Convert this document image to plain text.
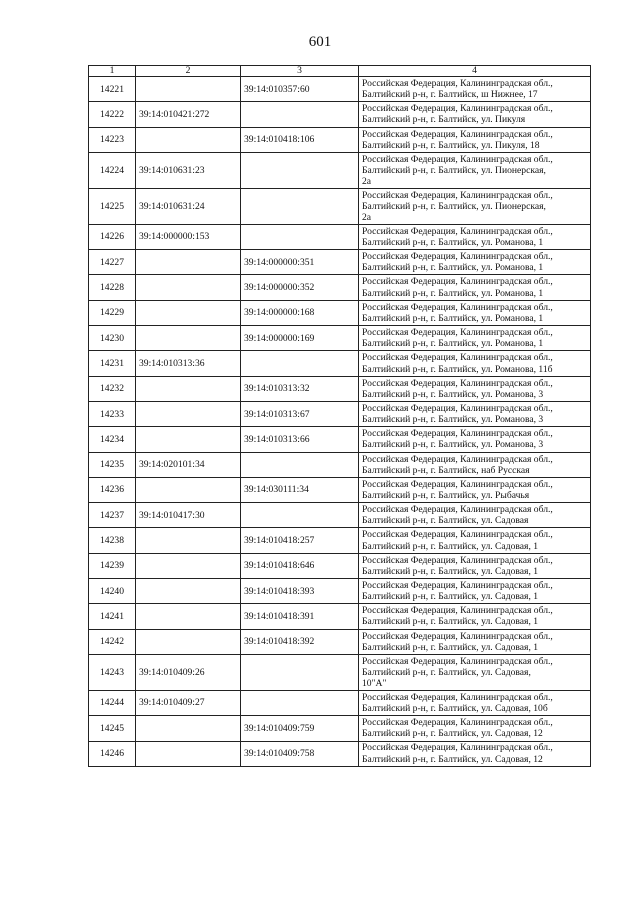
601
1	2	3	4
14221		39:14:010357:60	Российская Федерация, Калининградская обл.,
Балтийский р-н, г. Балтийск, ш Нижнее, 17
14222	39:14:010421:272		Российская Федерация, Калининградская обл.,
Балтийский р-н, г. Балтийск, ул. Пикуля
14223		39:14:010418:106	Российская Федерация, Калининградская обл.,
Балтийский р-н, г. Балтийск, ул. Пикуля, 18
14224	39:14:010631:23		Российская Федерация, Калининградская обл.,
Балтийский р-н, г. Балтийск, ул. Пионерская,
2а
14225	39:14:010631:24		Российская Федерация, Калининградская обл.,
Балтийский р-н, г. Балтийск, ул. Пионерская,
2а
14226	39:14:000000:153		Российская Федерация, Калининградская обл.,
Балтийский р-н, г. Балтийск, ул. Романова, 1
14227		39:14:000000:351	Российская Федерация, Калининградская обл.,
Балтийский р-н, г. Балтийск, ул. Романова, 1
14228		39:14:000000:352	Российская Федерация, Калининградская обл.,
Балтийский р-н, г. Балтийск, ул. Романова, 1
14229		39:14:000000:168	Российская Федерация, Калининградская обл.,
Балтийский р-н, г. Балтийск, ул. Романова, 1
14230		39:14:000000:169	Российская Федерация, Калининградская обл.,
Балтийский р-н, г. Балтийск, ул. Романова, 1
14231	39:14:010313:36		Российская Федерация, Калининградская обл.,
Балтийский р-н, г. Балтийск, ул. Романова, 11б
14232		39:14:010313:32	Российская Федерация, Калининградская обл.,
Балтийский р-н, г. Балтийск, ул. Романова, 3
14233		39:14:010313:67	Российская Федерация, Калининградская обл.,
Балтийский р-н, г. Балтийск, ул. Романова, 3
14234		39:14:010313:66	Российская Федерация, Калининградская обл.,
Балтийский р-н, г. Балтийск, ул. Романова, 3
14235	39:14:020101:34		Российская Федерация, Калининградская обл.,
Балтийский р-н, г. Балтийск, наб Русская
14236		39:14:030111:34	Российская Федерация, Калининградская обл.,
Балтийский р-н, г. Балтийск, ул. Рыбачья
14237	39:14:010417:30		Российская Федерация, Калининградская обл.,
Балтийский р-н, г. Балтийск, ул. Садовая
14238		39:14:010418:257	Российская Федерация, Калининградская обл.,
Балтийский р-н, г. Балтийск, ул. Садовая, 1
14239		39:14:010418:646	Российская Федерация, Калининградская обл.,
Балтийский р-н, г. Балтийск, ул. Садовая, 1
14240		39:14:010418:393	Российская Федерация, Калининградская обл.,
Балтийский р-н, г. Балтийск, ул. Садовая, 1
14241		39:14:010418:391	Российская Федерация, Калининградская обл.,
Балтийский р-н, г. Балтийск, ул. Садовая, 1
14242		39:14:010418:392	Российская Федерация, Калининградская обл.,
Балтийский р-н, г. Балтийск, ул. Садовая, 1
14243	39:14:010409:26		Российская Федерация, Калининградская обл.,
Балтийский р-н, г. Балтийск, ул. Садовая,
10"А"
14244	39:14:010409:27		Российская Федерация, Калининградская обл.,
Балтийский р-н, г. Балтийск, ул. Садовая, 10б
14245		39:14:010409:759	Российская Федерация, Калининградская обл.,
Балтийский р-н, г. Балтийск, ул. Садовая, 12
14246		39:14:010409:758	Российская Федерация, Калининградская обл.,
Балтийский р-н, г. Балтийск, ул. Садовая, 12
